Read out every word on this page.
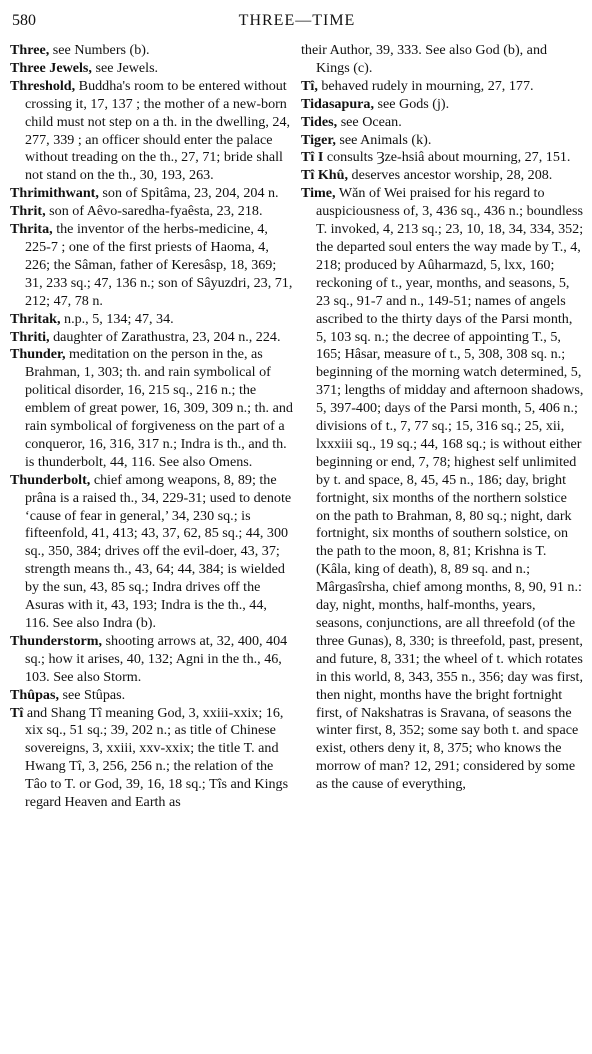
580	THREE—TIME

Three, see Numbers (b).

Three Jewels, see Jewels.

Threshold, Buddha's room to be entered without crossing it, 17, 137 ; the mother of a new-born child must not step on a th. in the dwelling, 24, 277, 339 ; an officer should enter the palace without treading on the th., 27, 71; bride shall not stand on the th., 30, 193, 263.

Thrimithwant, son of Spitâma, 23, 204, 204 n.

Thrit, son of Aêvo-saredha-fyaêsta, 23, 218.

Thrita, the inventor of the herbs-medicine, 4, 225-7 ; one of the first priests of Haoma, 4, 226; the Sâman, father of Keresâsp, 18, 369; 31, 233 sq.; 47, 136 n.; son of Sâyuzdri, 23, 71, 212; 47, 78 n.

Thritak, n.p., 5, 134; 47, 34.

Thriti, daughter of Zarathustra, 23, 204 n., 224.

Thunder, meditation on the person in the, as Brahman, 1, 303; th. and rain symbolical of political disorder, 16, 215 sq., 216 n.; the emblem of great power, 16, 309, 309 n.; th. and rain symbolical of forgiveness on the part of a conqueror, 16, 316, 317 n.; Indra is th., and th. is thunderbolt, 44, 116. See also Omens.

Thunderbolt, chief among weapons, 8, 89; the prâna is a raised th., 34, 229-31; used to denote ‘cause of fear in general,’ 34, 230 sq.; is fifteenfold, 41, 413; 43, 37, 62, 85 sq.; 44, 300 sq., 350, 384; drives off the evil-doer, 43, 37; strength means th., 43, 64; 44, 384; is wielded by the sun, 43, 85 sq.; Indra drives off the Asuras with it, 43, 193; Indra is the th., 44, 116. See also Indra (b).

Thunderstorm, shooting arrows at, 32, 400, 404 sq.; how it arises, 40, 132; Agni in the th., 46, 103. See also Storm.

Thûpas, see Stûpas.

Tî and Shang Tî meaning God, 3, xxiii-xxix; 16, xix sq., 51 sq.; 39, 202 n.; as title of Chinese sovereigns, 3, xxiii, xxv-xxix; the title T. and Hwang Tî, 3, 256, 256 n.; the relation of the Tâo to T. or God, 39, 16, 18 sq.; Tîs and Kings regard Heaven and Earth as

their Author, 39, 333. See also God (b), and Kings (c).

Tî, behaved rudely in mourning, 27, 177.

Tidasapura, see Gods (j).

Tides, see Ocean.

Tiger, see Animals (k).

Tî I consults Ȝze-hsiâ about mourning, 27, 151.

Tî Khû, deserves ancestor worship, 28, 208.

Time, Wăn of Wei praised for his regard to auspiciousness of, 3, 436 sq., 436 n.; boundless T. invoked, 4, 213 sq.; 23, 10, 18, 34, 334, 352; the departed soul enters the way made by T., 4, 218; produced by Aûharmazd, 5, lxx, 160; reckoning of t., year, months, and seasons, 5, 23 sq., 91-7 and n., 149-51; names of angels ascribed to the thirty days of the Parsi month, 5, 103 sq. n.; the decree of appointing T., 5, 165; Hâsar, measure of t., 5, 308, 308 sq. n.; beginning of the morning watch determined, 5, 371; lengths of midday and afternoon shadows, 5, 397-400; days of the Parsi month, 5, 406 n.; divisions of t., 7, 77 sq.; 15, 316 sq.; 25, xii, lxxxiii sq., 19 sq.; 44, 168 sq.; is without either beginning or end, 7, 78; highest self unlimited by t. and space, 8, 45, 45 n., 186; day, bright fortnight, six months of the northern solstice on the path to Brahman, 8, 80 sq.; night, dark fortnight, six months of southern solstice, on the path to the moon, 8, 81; Krishna is T. (Kâla, king of death), 8, 89 sq. and n.; Mârgasîrsha, chief among months, 8, 90, 91 n.: day, night, months, half-months, years, seasons, conjunctions, are all threefold (of the three Gunas), 8, 330; is threefold, past, present, and future, 8, 331; the wheel of t. which rotates in this world, 8, 343, 355 n., 356; day was first, then night, months have the bright fortnight first, of Nakshatras is Sravana, of seasons the winter first, 8, 352; some say both t. and space exist, others deny it, 8, 375; who knows the morrow of man? 12, 291; considered by some as the cause of everything,
